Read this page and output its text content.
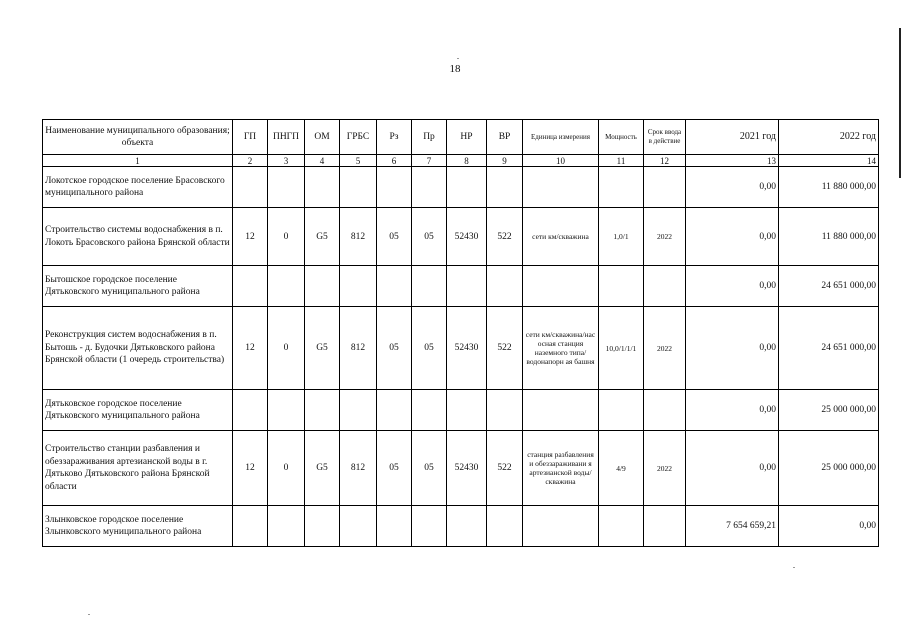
18
Наименование муниципального образования; объекта	ГП	ПНГП	ОМ	ГРБС	Рз	Пр	НР	ВР	Единица измерения	Мощность	Срок ввода в действие	2021 год	2022 год
1	2	3	4	5	6	7	8	9	10	11	12	13	14
Локотское городское поселение Брасовского муниципального района												0,00	11 880 000,00
Строительство системы водоснабжения в п. Локоть Брасовского района Брянской области	12	0	G5	812	05	05	52430	522	сети км/скважина	1,0/1	2022	0,00	11 880 000,00
Бытошское городское поселение Дятьковского муниципального района												0,00	24 651 000,00
Реконструкция систем водоснабжения в п. Бытошь - д. Будочки Дятьковского района Брянской области (1 очередь строительства)	12	0	G5	812	05	05	52430	522	сети км/скважина/нас осная станция наземного типа/водонапорн ая башня	10,0/1/1/1	2022	0,00	24 651 000,00
Дятьковское городское поселение Дятьковского муниципального района												0,00	25 000 000,00
Строительство станции разбавления и обеззараживания артезианской воды в г. Дятьково Дятьковского района Брянской области	12	0	G5	812	05	05	52430	522	станция разбавления и обеззараживани я артезианской воды/скважина	4/9	2022	0,00	25 000 000,00
Злынковское городское поселение Злынковского муниципального района												7 654 659,21	0,00
